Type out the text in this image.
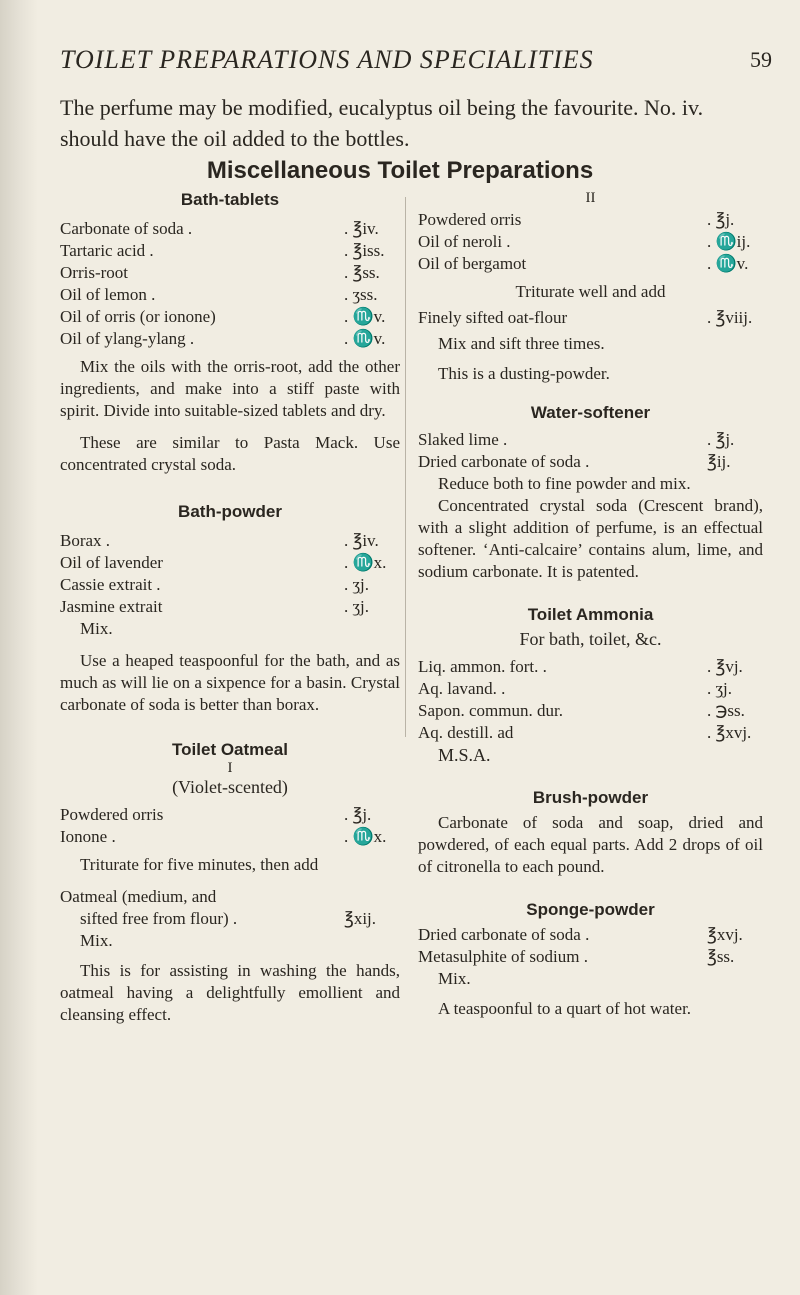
TOILET PREPARATIONS AND SPECIALITIES	59
The perfume may be modified, eucalyptus oil being the favourite. No. iv. should have the oil added to the bottles.
Miscellaneous Toilet Preparations

Bath-tablets

Carbonate of soda .	. ℥iv.
Tartaric acid .	. ℥iss.
Orris-root	. ℥ss.
Oil of lemon .	. ʒss.
Oil of orris (or ionone)	. ♏v.
Oil of ylang-ylang .	. ♏v.

Mix the oils with the orris-root, add the other ingredients, and make into a stiff paste with spirit. Divide into suitable-sized tablets and dry.

These are similar to Pasta Mack. Use concentrated crystal soda.

Bath-powder

Borax .	. ℥iv.
Oil of lavender	. ♏x.
Cassie extrait .	. ʒj.
Jasmine extrait	. ʒj.

Mix.

Use a heaped teaspoonful for the bath, and as much as will lie on a sixpence for a basin. Crystal carbonate of soda is better than borax.

Toilet Oatmeal

I

(Violet-scented)

Powdered orris	. ℥j.
Ionone .	. ♏x.

Triturate for five minutes, then add

Oatmeal (medium, and
sifted free from flour) .	℥xij.

Mix.

This is for assisting in washing the hands, oatmeal having a delightfully emollient and cleansing effect.

II

Powdered orris	. ℥j.
Oil of neroli .	. ♏ij.
Oil of bergamot	. ♏v.

Triturate well and add

Finely sifted oat-flour	. ℥viij.

Mix and sift three times.

This is a dusting-powder.

Water-softener

Slaked lime .	. ℥j.
Dried carbonate of soda .	℥ij.

Reduce both to fine powder and mix.

Concentrated crystal soda (Crescent brand), with a slight addition of perfume, is an effectual softener. ‘Anti-calcaire’ contains alum, lime, and sodium carbonate. It is patented.

Toilet Ammonia

For bath, toilet, &c.

Liq. ammon. fort. .	. ℥vj.
Aq. lavand. .	. ʒj.
Sapon. commun. dur.	. ℈ss.
Aq. destill. ad	. ℥xvj.

M.S.A.

Brush-powder

Carbonate of soda and soap, dried and powdered, of each equal parts. Add 2 drops of oil of citronella to each pound.

Sponge-powder

Dried carbonate of soda .	℥xvj.
Metasulphite of sodium .	℥ss.

Mix.

A teaspoonful to a quart of hot water.
